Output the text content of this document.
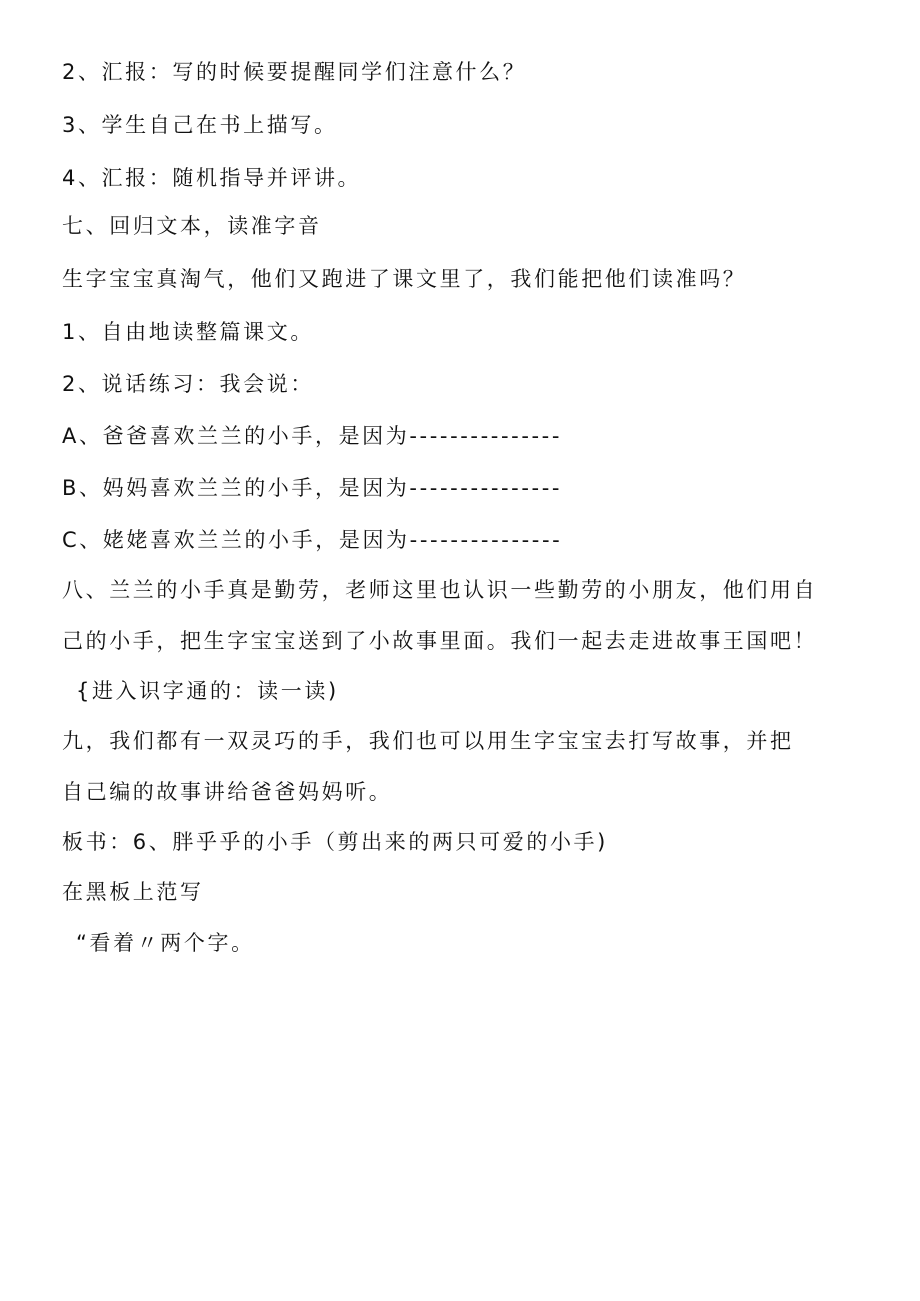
2、汇报：写的时候要提醒同学们注意什么？
3、学生自己在书上描写。
4、汇报：随机指导并评讲。
七、回归文本，读准字音
生字宝宝真淘气，他们又跑进了课文里了，我们能把他们读准吗？
1、自由地读整篇课文。
2、说话练习：我会说：
A、爸爸喜欢兰兰的小手，是因为---------------
B、妈妈喜欢兰兰的小手，是因为---------------
C、姥姥喜欢兰兰的小手，是因为---------------
八、兰兰的小手真是勤劳，老师这里也认识一些勤劳的小朋友，他们用自
己的小手，把生字宝宝送到了小故事里面。我们一起去走进故事王国吧！
{进入识字通的：读一读)
九，我们都有一双灵巧的手，我们也可以用生字宝宝去打写故事，并把
自己编的故事讲给爸爸妈妈听。
板书：6、胖乎乎的小手（剪出来的两只可爱的小手)
在黑板上范写
“看着〃两个字。
